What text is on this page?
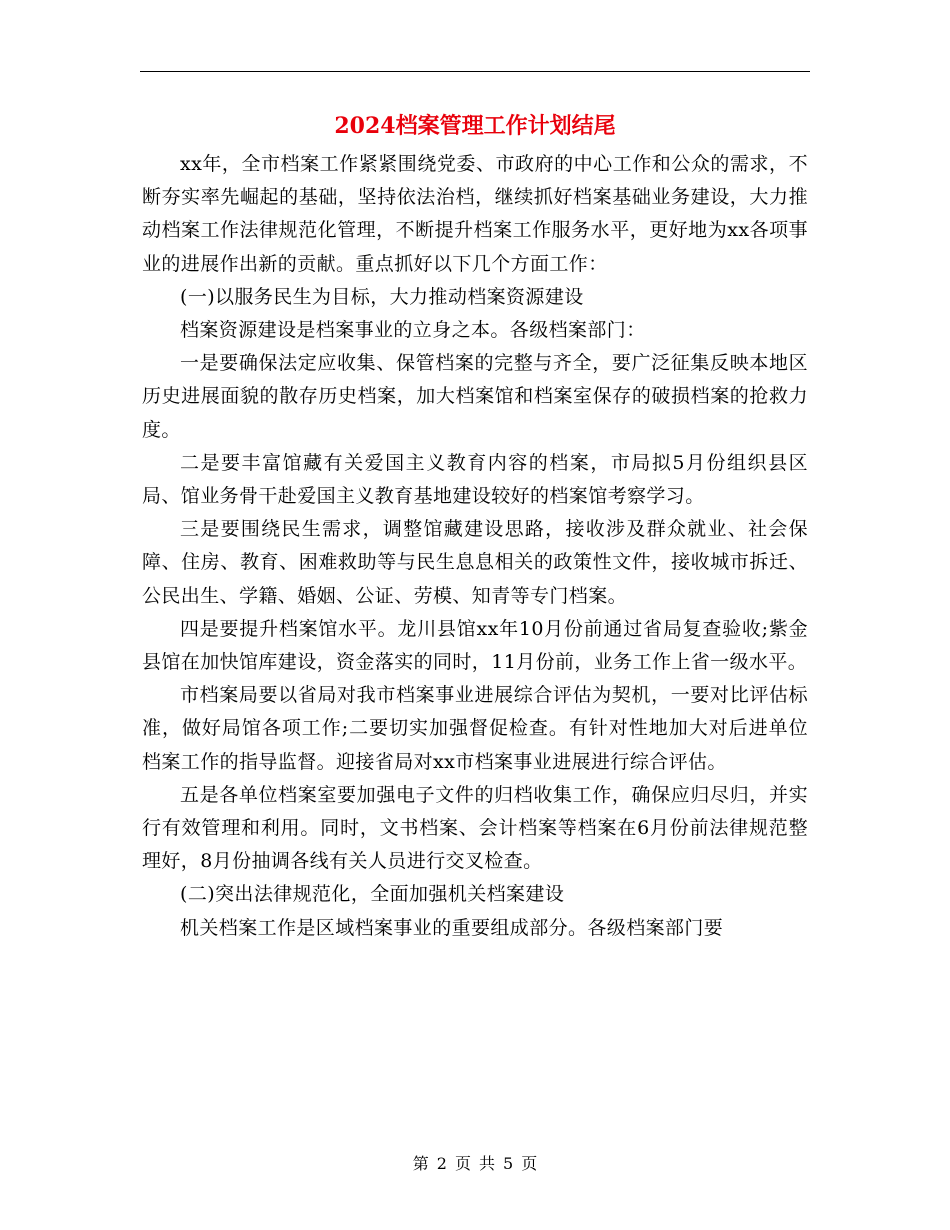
2024档案管理工作计划结尾

xx年，全市档案工作紧紧围绕党委、市政府的中心工作和公众的需求，不断夯实率先崛起的基础，坚持依法治档，继续抓好档案基础业务建设，大力推动档案工作法律规范化管理，不断提升档案工作服务水平，更好地为xx各项事业的进展作出新的贡献。重点抓好以下几个方面工作：

(一)以服务民生为目标，大力推动档案资源建设

档案资源建设是档案事业的立身之本。各级档案部门：

一是要确保法定应收集、保管档案的完整与齐全，要广泛征集反映本地区历史进展面貌的散存历史档案，加大档案馆和档案室保存的破损档案的抢救力度。

二是要丰富馆藏有关爱国主义教育内容的档案，市局拟5月份组织县区局、馆业务骨干赴爱国主义教育基地建设较好的档案馆考察学习。

三是要围绕民生需求，调整馆藏建设思路，接收涉及群众就业、社会保障、住房、教育、困难救助等与民生息息相关的政策性文件，接收城市拆迁、公民出生、学籍、婚姻、公证、劳模、知青等专门档案。

四是要提升档案馆水平。龙川县馆xx年10月份前通过省局复查验收;紫金县馆在加快馆库建设，资金落实的同时，11月份前，业务工作上省一级水平。

市档案局要以省局对我市档案事业进展综合评估为契机，一要对比评估标准，做好局馆各项工作;二要切实加强督促检查。有针对性地加大对后进单位档案工作的指导监督。迎接省局对xx市档案事业进展进行综合评估。

五是各单位档案室要加强电子文件的归档收集工作，确保应归尽归，并实行有效管理和利用。同时，文书档案、会计档案等档案在6月份前法律规范整理好，8月份抽调各线有关人员进行交叉检查。

(二)突出法律规范化，全面加强机关档案建设

机关档案工作是区域档案事业的重要组成部分。各级档案部门要

第 2 页 共 5 页
